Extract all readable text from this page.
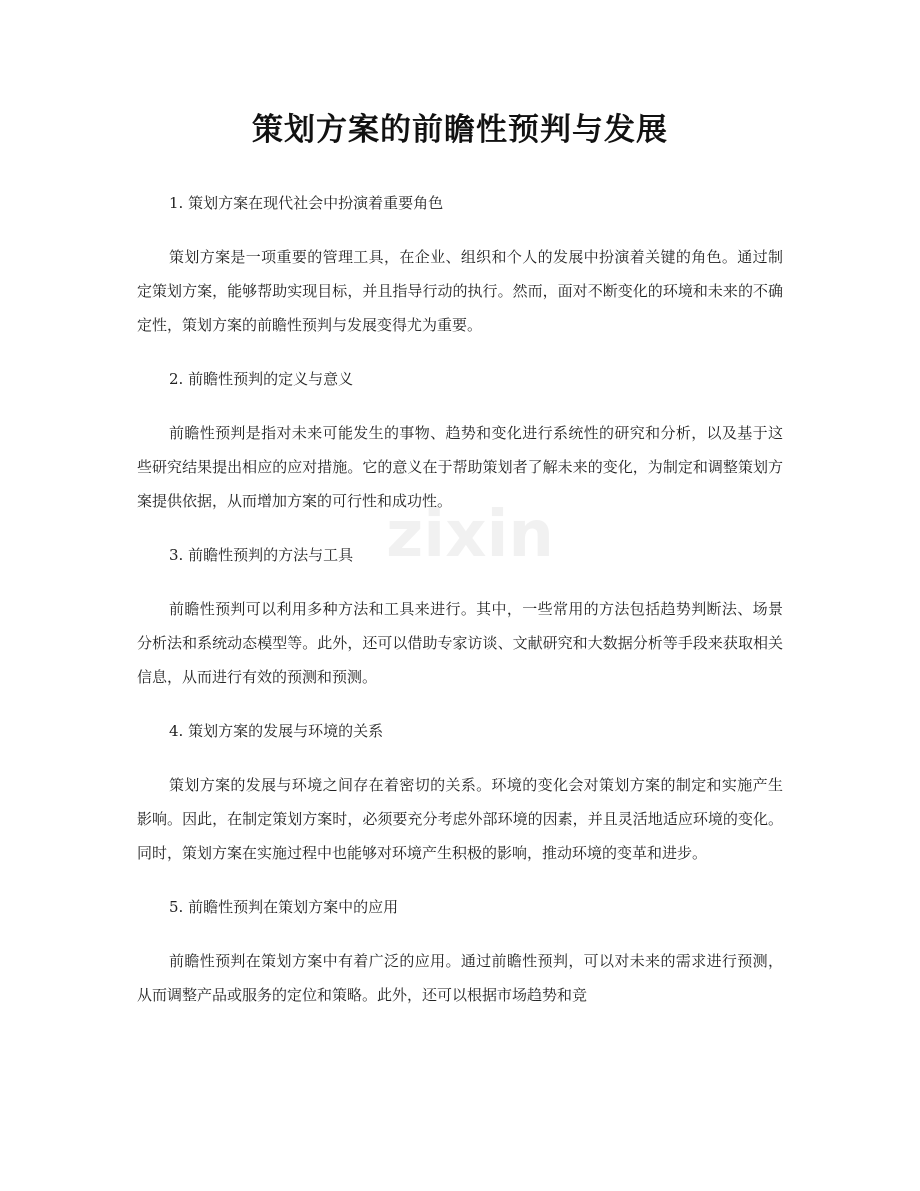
策划方案的前瞻性预判与发展

1. 策划方案在现代社会中扮演着重要角色

策划方案是一项重要的管理工具，在企业、组织和个人的发展中扮演着关键的角色。通过制定策划方案，能够帮助实现目标，并且指导行动的执行。然而，面对不断变化的环境和未来的不确定性，策划方案的前瞻性预判与发展变得尤为重要。

2. 前瞻性预判的定义与意义

前瞻性预判是指对未来可能发生的事物、趋势和变化进行系统性的研究和分析，以及基于这些研究结果提出相应的应对措施。它的意义在于帮助策划者了解未来的变化，为制定和调整策划方案提供依据，从而增加方案的可行性和成功性。

3. 前瞻性预判的方法与工具

前瞻性预判可以利用多种方法和工具来进行。其中，一些常用的方法包括趋势判断法、场景分析法和系统动态模型等。此外，还可以借助专家访谈、文献研究和大数据分析等手段来获取相关信息，从而进行有效的预测和预测。

4. 策划方案的发展与环境的关系

策划方案的发展与环境之间存在着密切的关系。环境的变化会对策划方案的制定和实施产生影响。因此，在制定策划方案时，必须要充分考虑外部环境的因素，并且灵活地适应环境的变化。同时，策划方案在实施过程中也能够对环境产生积极的影响，推动环境的变革和进步。

5. 前瞻性预判在策划方案中的应用

前瞻性预判在策划方案中有着广泛的应用。通过前瞻性预判，可以对未来的需求进行预测，从而调整产品或服务的定位和策略。此外，还可以根据市场趋势和竞

zixin
